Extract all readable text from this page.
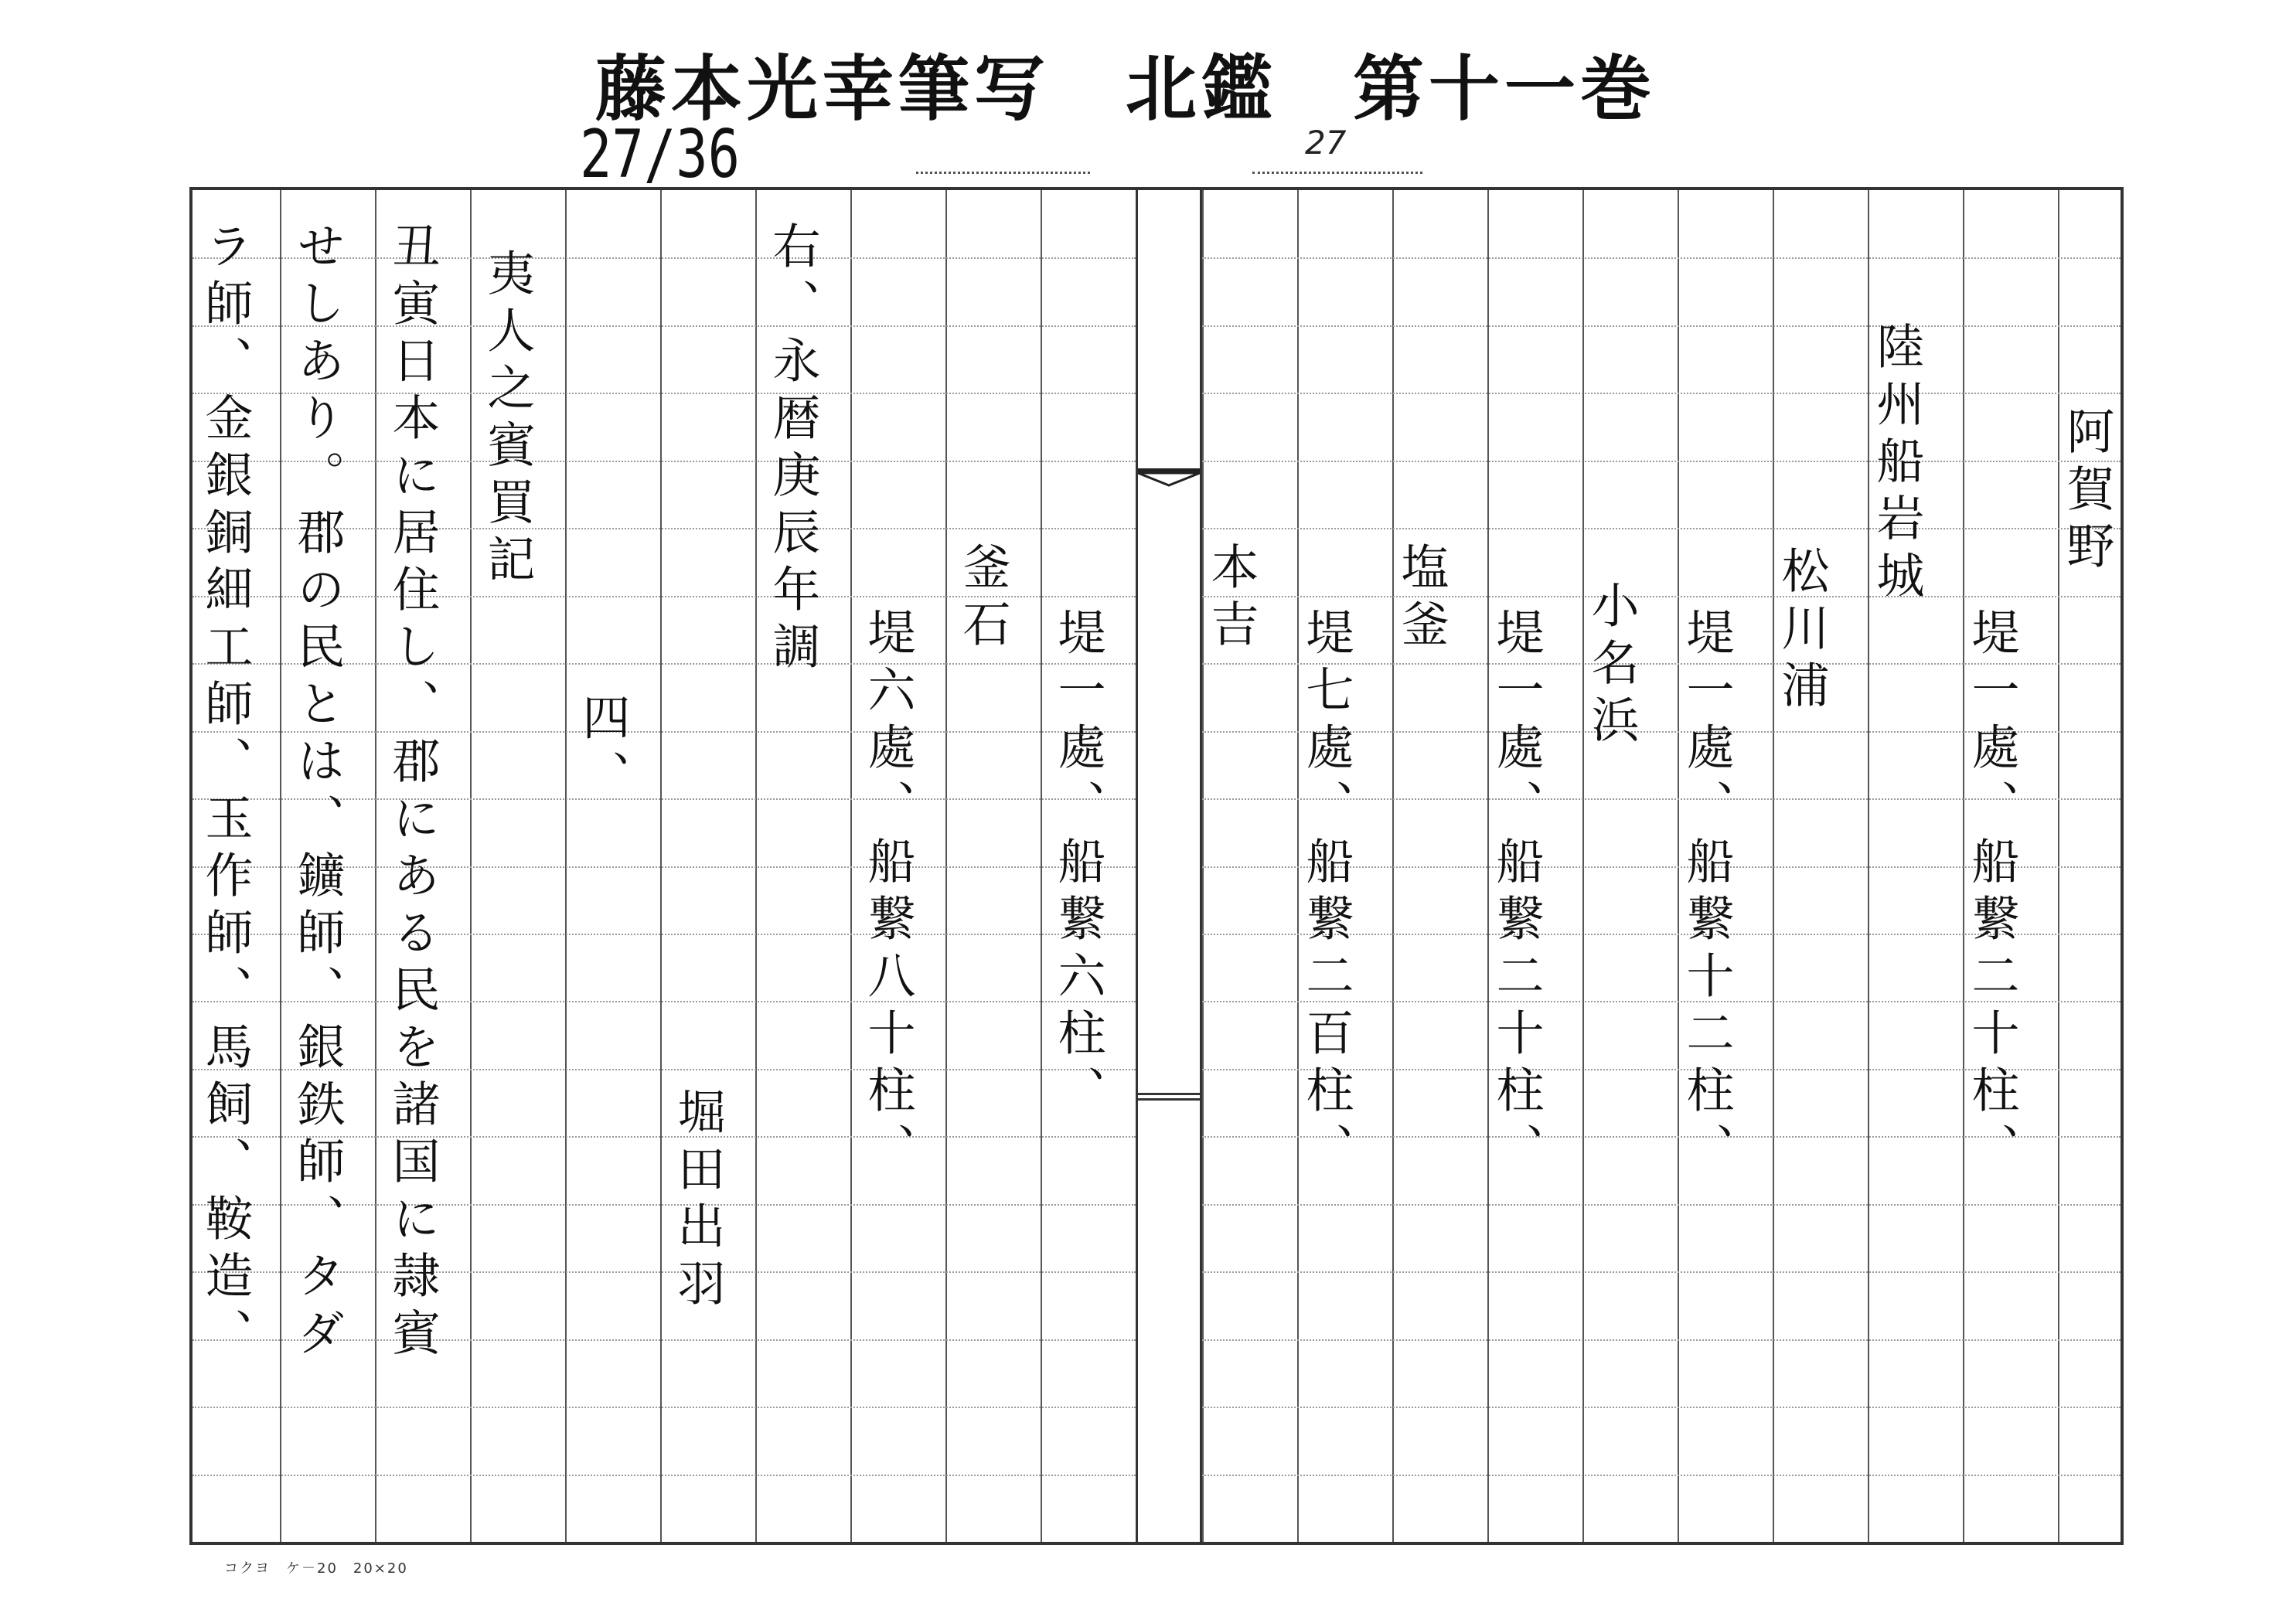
藤本光幸筆写　北鑑　第十一巻
27/36	27
阿賀野
堤一處、船繋二十柱、
陸州船岩城
松川浦
堤一處、船繋十二柱、
小名浜
堤一處、船繋二十柱、
塩釜
堤七處、船繋二百柱、
本吉
堤一處、船繋六柱、
釜石
堤六處、船繋八十柱、
右、永暦庚辰年調
堀田出羽
四、
夷人之賓買記
丑寅日本に居住し、郡にある民を諸国に隷賓
せしあり。郡の民とは、鑛師、銀鉄師、タダ
ラ師、金銀銅細工師、玉作師、馬飼、鞍造、
コクヨ　ケ－20　20×20
